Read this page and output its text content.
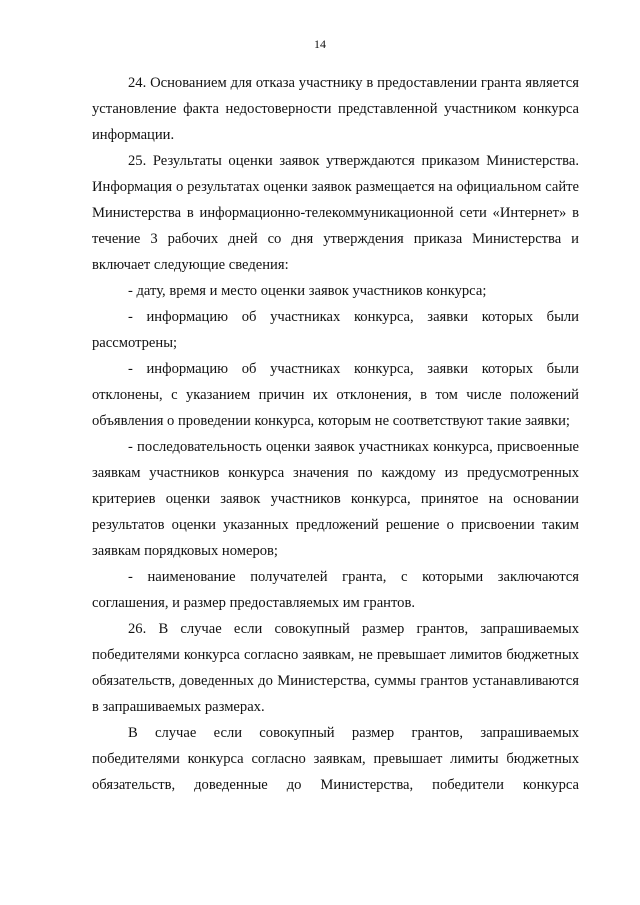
14

24. Основанием для отказа участнику в предоставлении гранта является установление факта недостоверности представленной участником конкурса информации.

25. Результаты оценки заявок утверждаются приказом Министерства. Информация о результатах оценки заявок размещается на официальном сайте Министерства в информационно-телекоммуникационной сети «Интернет» в течение 3 рабочих дней со дня утверждения приказа Министерства и включает следующие сведения:

- дату, время и место оценки заявок участников конкурса;

- информацию об участниках конкурса, заявки которых были рассмотрены;

- информацию об участниках конкурса, заявки которых были отклонены, с указанием причин их отклонения, в том числе положений объявления о проведении конкурса, которым не соответствуют такие заявки;

- последовательность оценки заявок участниках конкурса, присвоенные заявкам участников конкурса значения по каждому из предусмотренных критериев оценки заявок участников конкурса, принятое на основании результатов оценки указанных предложений решение о присвоении таким заявкам порядковых номеров;

- наименование получателей гранта, с которыми заключаются соглашения, и размер предоставляемых им грантов.

26. В случае если совокупный размер грантов, запрашиваемых победителями конкурса согласно заявкам, не превышает лимитов бюджетных обязательств, доведенных до Министерства, суммы грантов устанавливаются в запрашиваемых размерах.

В случае если совокупный размер грантов, запрашиваемых победителями конкурса согласно заявкам, превышает лимиты бюджетных обязательств, доведенные до Министерства, победители конкурса
